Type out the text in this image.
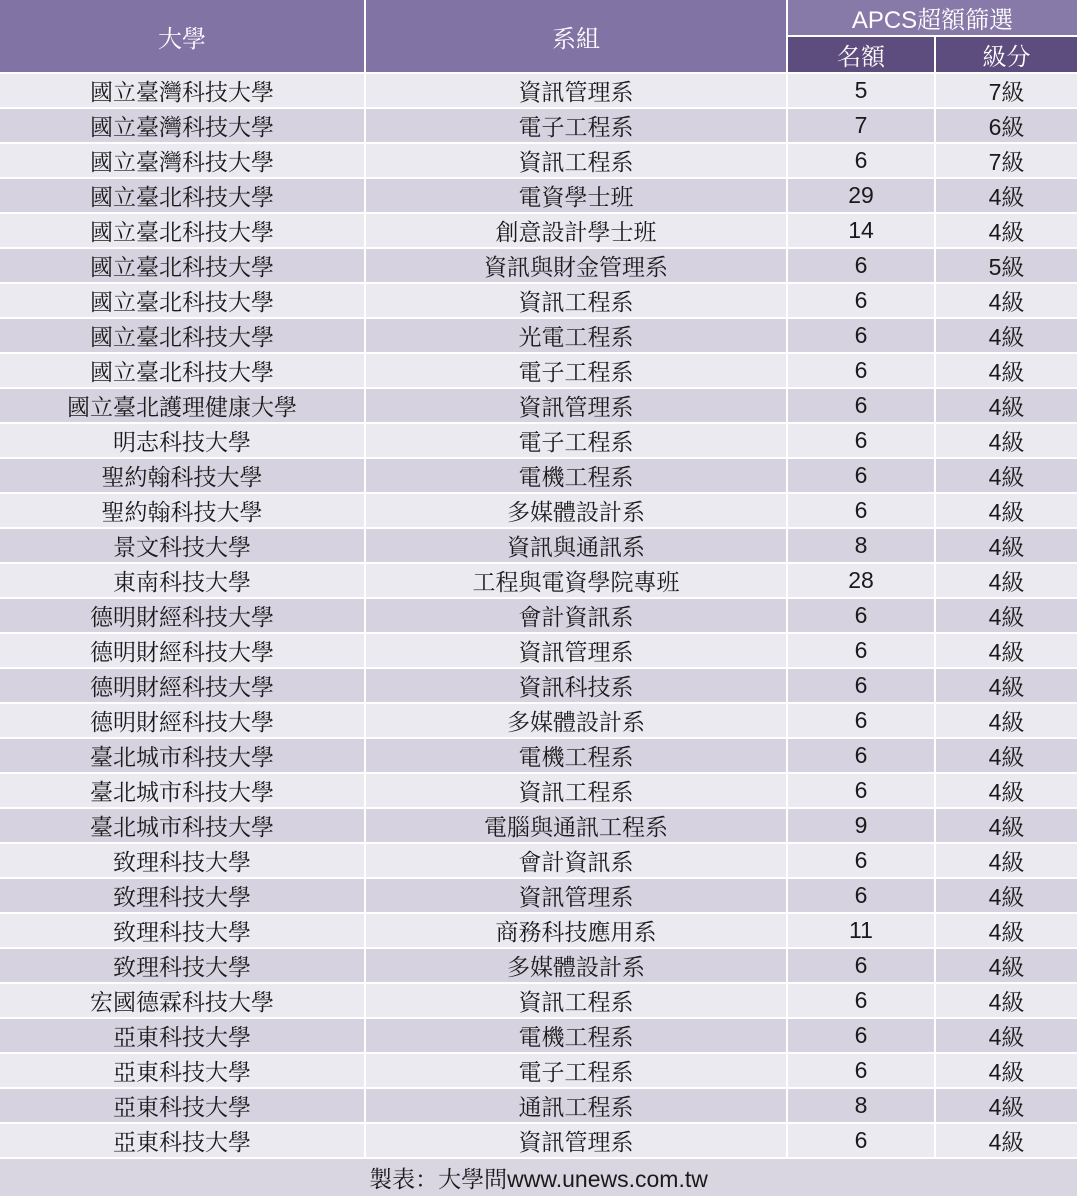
大學	系組	APCS超額篩選	
		名額	級分
國立臺灣科技大學	資訊管理系	5	7級
國立臺灣科技大學	電子工程系	7	6級
國立臺灣科技大學	資訊工程系	6	7級
國立臺北科技大學	電資學士班	29	4級
國立臺北科技大學	創意設計學士班	14	4級
國立臺北科技大學	資訊與財金管理系	6	5級
國立臺北科技大學	資訊工程系	6	4級
國立臺北科技大學	光電工程系	6	4級
國立臺北科技大學	電子工程系	6	4級
國立臺北護理健康大學	資訊管理系	6	4級
明志科技大學	電子工程系	6	4級
聖約翰科技大學	電機工程系	6	4級
聖約翰科技大學	多媒體設計系	6	4級
景文科技大學	資訊與通訊系	8	4級
東南科技大學	工程與電資學院專班	28	4級
德明財經科技大學	會計資訊系	6	4級
德明財經科技大學	資訊管理系	6	4級
德明財經科技大學	資訊科技系	6	4級
德明財經科技大學	多媒體設計系	6	4級
臺北城市科技大學	電機工程系	6	4級
臺北城市科技大學	資訊工程系	6	4級
臺北城市科技大學	電腦與通訊工程系	9	4級
致理科技大學	會計資訊系	6	4級
致理科技大學	資訊管理系	6	4級
致理科技大學	商務科技應用系	11	4級
致理科技大學	多媒體設計系	6	4級
宏國德霖科技大學	資訊工程系	6	4級
亞東科技大學	電機工程系	6	4級
亞東科技大學	電子工程系	6	4級
亞東科技大學	通訊工程系	8	4級
亞東科技大學	資訊管理系	6	4級
製表：大學問www.unews.com.tw			
